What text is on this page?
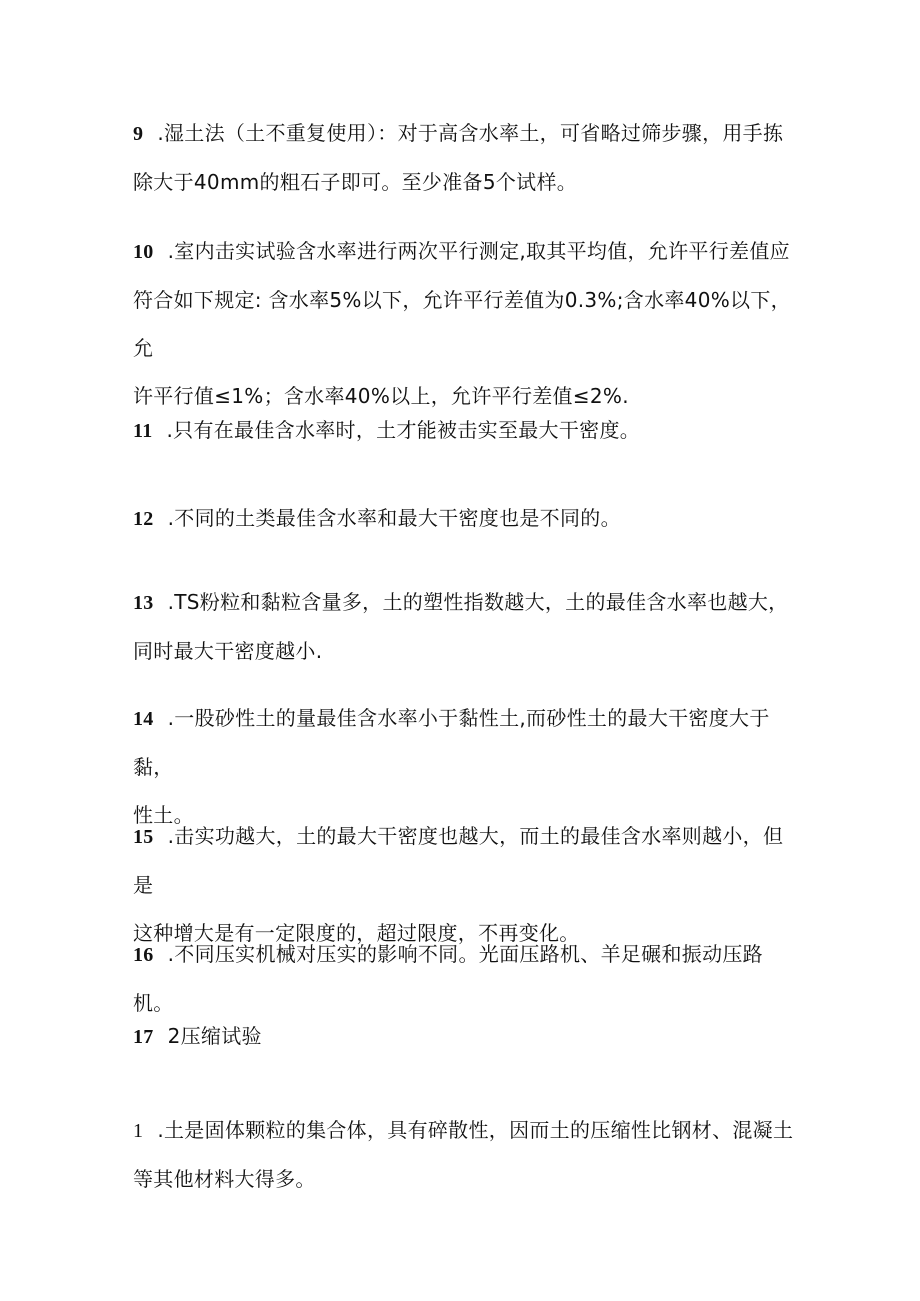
9 .湿土法（土不重复使用）：对于高含水率土，可省略过筛步骤，用手拣
除大于40mm的粗石子即可。至少准备5个试样。
10 .室内击实试验含水率进行两次平行测定,取其平均值，允许平行差值应
符合如下规定: 含水率5%以下，允许平行差值为0.3%;含水率40%以下，允
许平行值≤1%；含水率40%以上，允许平行差值≤2%.
11 .只有在最佳含水率时，土才能被击实至最大干密度。
12 .不同的土类最佳含水率和最大干密度也是不同的。
13 .TS粉粒和黏粒含量多，土的塑性指数越大，土的最佳含水率也越大，
同时最大干密度越小.
14 .一股砂性土的量最佳含水率小于黏性土,而砂性土的最大干密度大于黏，
性土。
15 .击实功越大，土的最大干密度也越大，而土的最佳含水率则越小，但是
这种增大是有一定限度的，超过限度，不再变化。
16 .不同压实机械对压实的影响不同。光面压路机、羊足碾和振动压路机。
17 2压缩试验
1 .土是固体颗粒的集合体，具有碎散性，因而土的压缩性比钢材、混凝土
等其他材料大得多。
